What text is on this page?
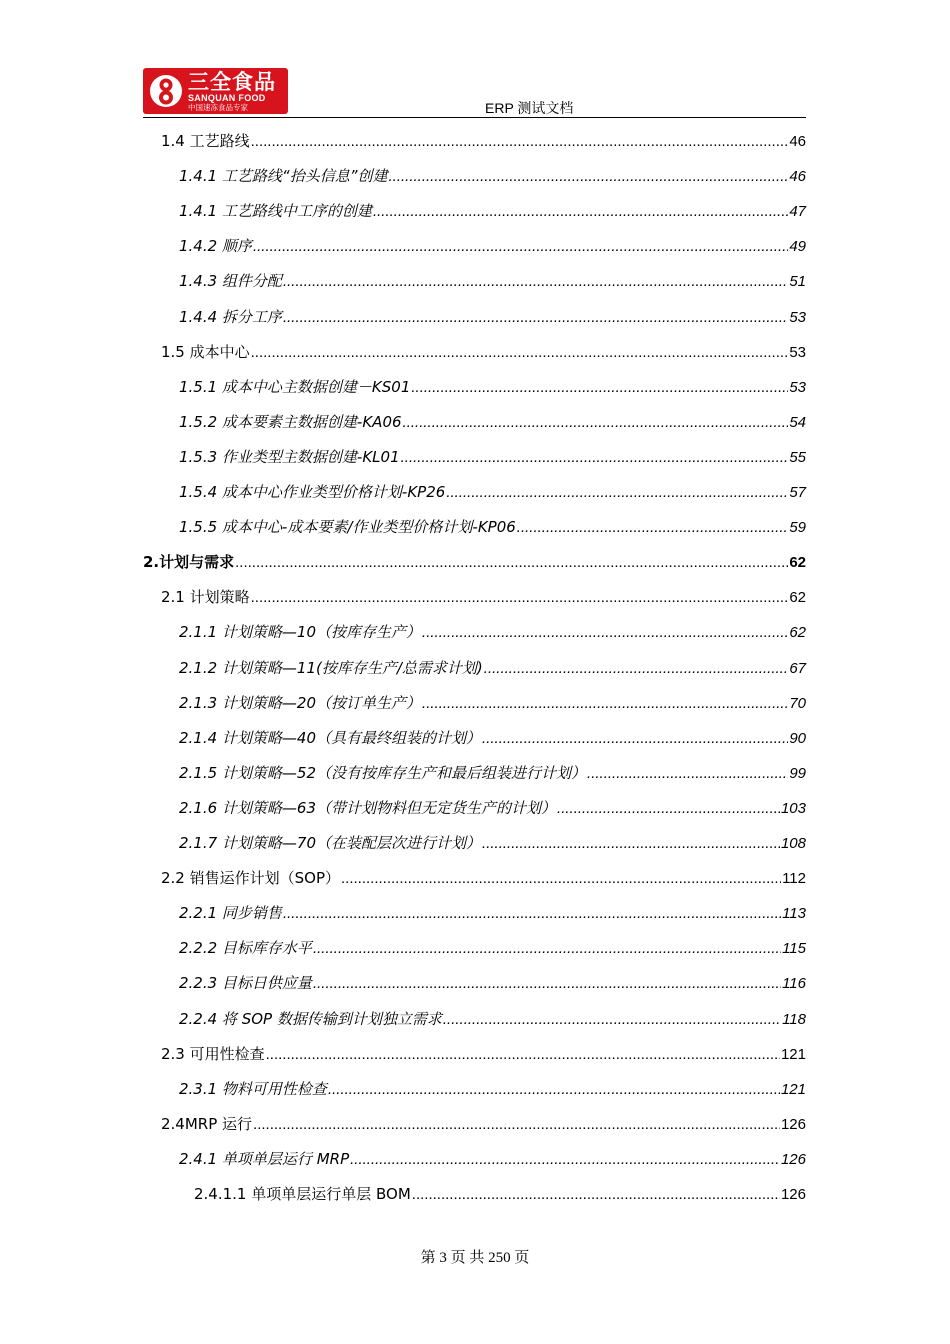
三全食品
SANQUAN FOOD
中国速冻食品专家	ERP 测试文档
1.4 工艺路线 .....	46
1.4.1 工艺路线“抬头信息”创建 .....	46
1.4.1 工艺路线中工序的创建 .....	47
1.4.2 顺序 .....	49
1.4.3 组件分配 .....	51
1.4.4 拆分工序 .....	53
1.5 成本中心 .....	53
1.5.1 成本中心主数据创建－KS01 .....	53
1.5.2 成本要素主数据创建-KA06 .....	54
1.5.3 作业类型主数据创建-KL01 .....	55
1.5.4 成本中心作业类型价格计划-KP26 .....	57
1.5.5 成本中心-成本要素/作业类型价格计划-KP06 .....	59
2.计划与需求 .....	62
2.1 计划策略 .....	62
2.1.1 计划策略—10（按库存生产） .....	62
2.1.2 计划策略—11(按库存生产/总需求计划) .....	67
2.1.3 计划策略—20（按订单生产） .....	70
2.1.4 计划策略—40（具有最终组装的计划） .....	90
2.1.5 计划策略—52（没有按库存生产和最后组装进行计划） .....	99
2.1.6 计划策略—63（带计划物料但无定货生产的计划） .....	103
2.1.7 计划策略—70（在装配层次进行计划） .....	108
2.2 销售运作计划（SOP） .....	112
2.2.1 同步销售 .....	113
2.2.2 目标库存水平 .....	115
2.2.3 目标日供应量 .....	116
2.2.4 将 SOP 数据传输到计划独立需求 .....	118
2.3 可用性检查 .....	121
2.3.1 物料可用性检查 .....	121
2.4MRP 运行 .....	126
2.4.1 单项单层运行 MRP .....	126
2.4.1.1 单项单层运行单层 BOM .....	126
第 3 页 共 250 页
